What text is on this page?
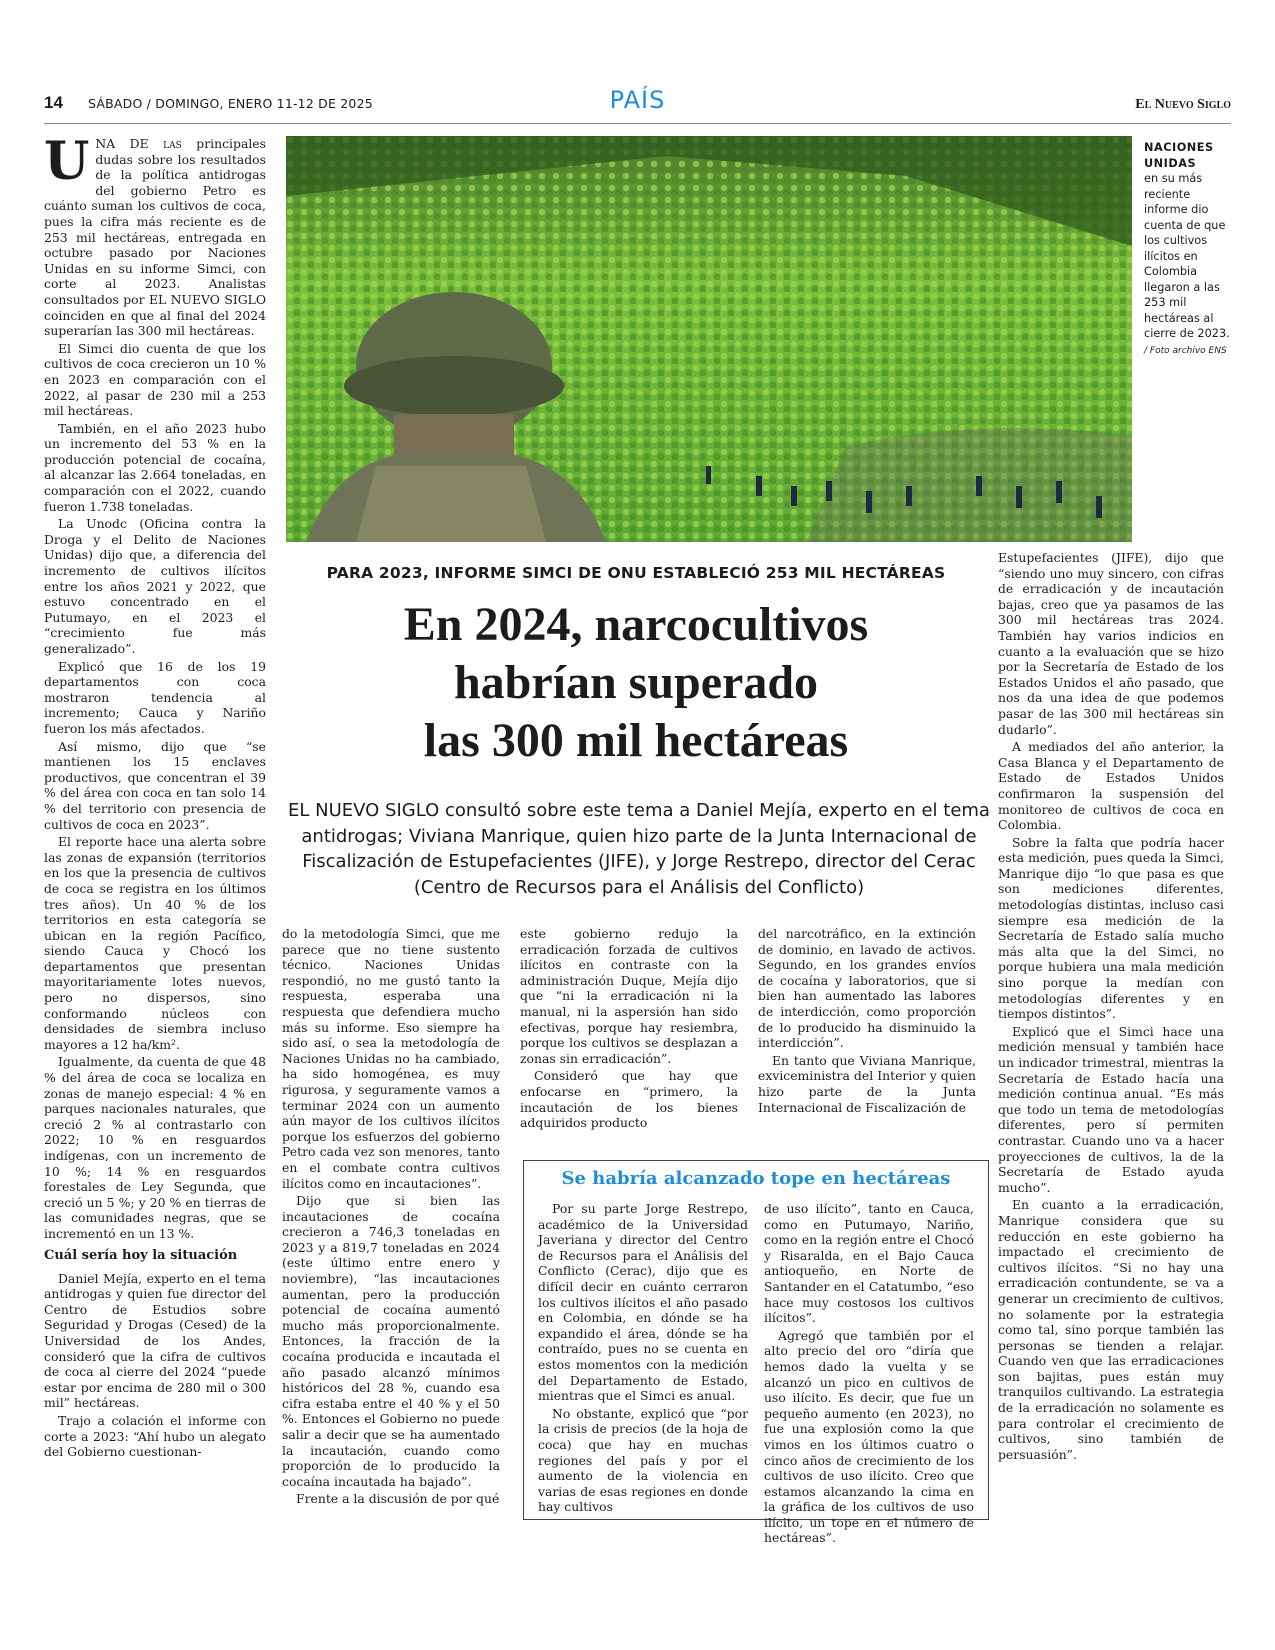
14 SÁBADO / DOMINGO, ENERO 11-12 DE 2025	PAÍS	El Nuevo Siglo

UNA DE las principales dudas sobre los resultados de la política antidrogas del gobierno Petro es cuánto suman los cultivos de coca, pues la cifra más reciente es de 253 mil hectáreas, entregada en octubre pasado por Naciones Unidas en su informe Simci, con corte al 2023. Analistas consultados por EL NUEVO SIGLO coinciden en que al final del 2024 superarían las 300 mil hectáreas.

El Simci dio cuenta de que los cultivos de coca crecieron un 10 % en 2023 en comparación con el 2022, al pasar de 230 mil a 253 mil hectáreas.

También, en el año 2023 hubo un incremento del 53 % en la producción potencial de cocaína, al alcanzar las 2.664 toneladas, en comparación con el 2022, cuando fueron 1.738 toneladas.

La Unodc (Oficina contra la Droga y el Delito de Naciones Unidas) dijo que, a diferencia del incremento de cultivos ilícitos entre los años 2021 y 2022, que estuvo concentrado en el Putumayo, en el 2023 el “crecimiento fue más generalizado”.

Explicó que 16 de los 19 departamentos con coca mostraron tendencia al incremento; Cauca y Nariño fueron los más afectados.

Así mismo, dijo que “se mantienen los 15 enclaves productivos, que concentran el 39 % del área con coca en tan solo 14 % del territorio con presencia de cultivos de coca en 2023”.

El reporte hace una alerta sobre las zonas de expansión (territorios en los que la presencia de cultivos de coca se registra en los últimos tres años). Un 40 % de los territorios en esta categoría se ubican en la región Pacífico, siendo Cauca y Chocó los departamentos que presentan mayoritariamente lotes nuevos, pero no dispersos, sino conformando núcleos con densidades de siembra incluso mayores a 12 ha/km².

Igualmente, da cuenta de que 48 % del área de coca se localiza en zonas de manejo especial: 4 % en parques nacionales naturales, que creció 2 % al contrastarlo con 2022; 10 % en resguardos indígenas, con un incremento de 10 %; 14 % en resguardos forestales de Ley Segunda, que creció un 5 %; y 20 % en tierras de las comunidades negras, que se incrementó en un 13 %.

Cuál sería hoy la situación

Daniel Mejía, experto en el tema antidrogas y quien fue director del Centro de Estudios sobre Seguridad y Drogas (Cesed) de la Universidad de los Andes, consideró que la cifra de cultivos de coca al cierre del 2024 “puede estar por encima de 280 mil o 300 mil” hectáreas.

Trajo a colación el informe con corte a 2023: “Ahí hubo un alegato del Gobierno cuestionan-

NACIONES UNIDAS
en su más reciente informe dio cuenta de que los cultivos ilícitos en Colombia llegaron a las 253 mil hectáreas al cierre de 2023. / Foto archivo ENS
PARA 2023, INFORME SIMCI DE ONU ESTABLECIÓ 253 MIL HECTÁREAS
En 2024, narcocultivos
habrían superado
las 300 mil hectáreas
EL NUEVO SIGLO consultó sobre este tema a Daniel Mejía, experto en el tema antidrogas; Viviana Manrique, quien hizo parte de la Junta Internacional de Fiscalización de Estupefacientes (JIFE), y Jorge Restrepo, director del Cerac (Centro de Recursos para el Análisis del Conflicto)

do la metodología Simci, que me parece que no tiene sustento técnico. Naciones Unidas respondió, no me gustó tanto la respuesta, esperaba una respuesta que defendiera mucho más su informe. Eso siempre ha sido así, o sea la metodología de Naciones Unidas no ha cambiado, ha sido homogénea, es muy rigurosa, y seguramente vamos a terminar 2024 con un aumento aún mayor de los cultivos ilícitos porque los esfuerzos del gobierno Petro cada vez son menores, tanto en el combate contra cultivos ilícitos como en incautaciones”.

Dijo que si bien las incautaciones de cocaína crecieron a 746,3 toneladas en 2023 y a 819,7 toneladas en 2024 (este último entre enero y noviembre), “las incautaciones aumentan, pero la producción potencial de cocaína aumentó mucho más proporcionalmente. Entonces, la fracción de la cocaína producida e incautada el año pasado alcanzó mínimos históricos del 28 %, cuando esa cifra estaba entre el 40 % y el 50 %. Entonces el Gobierno no puede salir a decir que se ha aumentado la incautación, cuando como proporción de lo producido la cocaína incautada ha bajado”.

Frente a la discusión de por qué

este gobierno redujo la erradicación forzada de cultivos ilícitos en contraste con la administración Duque, Mejía dijo que “ni la erradicación ni la manual, ni la aspersión han sido efectivas, porque hay resiembra, porque los cultivos se desplazan a zonas sin erradicación”.

Consideró que hay que enfocarse en “primero, la incautación de los bienes adquiridos producto

del narcotráfico, en la extinción de dominio, en lavado de activos. Segundo, en los grandes envíos de cocaína y laboratorios, que si bien han aumentado las labores de interdicción, como proporción de lo producido ha disminuido la interdicción”.

En tanto que Viviana Manrique, exviceministra del Interior y quien hizo parte de la Junta Internacional de Fiscalización de

Se habría alcanzado tope en hectáreas

Por su parte Jorge Restrepo, académico de la Universidad Javeriana y director del Centro de Recursos para el Análisis del Conflicto (Cerac), dijo que es difícil decir en cuánto cerraron los cultivos ilícitos el año pasado en Colombia, en dónde se ha expandido el área, dónde se ha contraído, pues no se cuenta en estos momentos con la medición del Departamento de Estado, mientras que el Simci es anual.

No obstante, explicó que “por la crisis de precios (de la hoja de coca) que hay en muchas regiones del país y por el aumento de la violencia en varias de esas regiones en donde hay cultivos

de uso ilícito”, tanto en Cauca, como en Putumayo, Nariño, como en la región entre el Chocó y Risaralda, en el Bajo Cauca antioqueño, en Norte de Santander en el Catatumbo, “eso hace muy costosos los cultivos ilícitos”.

Agregó que también por el alto precio del oro “diría que hemos dado la vuelta y se alcanzó un pico en cultivos de uso ilícito. Es decir, que fue un pequeño aumento (en 2023), no fue una explosión como la que vimos en los últimos cuatro o cinco años de crecimiento de los cultivos de uso ilícito. Creo que estamos alcanzando la cima en la gráfica de los cultivos de uso ilícito, un tope en el número de hectáreas”.

Estupefacientes (JIFE), dijo que “siendo uno muy sincero, con cifras de erradicación y de incautación bajas, creo que ya pasamos de las 300 mil hectáreas tras 2024. También hay varios indicios en cuanto a la evaluación que se hizo por la Secretaría de Estado de los Estados Unidos el año pasado, que nos da una idea de que podemos pasar de las 300 mil hectáreas sin dudarlo”.

A mediados del año anterior, la Casa Blanca y el Departamento de Estado de Estados Unidos confirmaron la suspensión del monitoreo de cultivos de coca en Colombia.

Sobre la falta que podría hacer esta medición, pues queda la Simci, Manrique dijo “lo que pasa es que son mediciones diferentes, metodologías distintas, incluso casi siempre esa medición de la Secretaría de Estado salía mucho más alta que la del Simci, no porque hubiera una mala medición sino porque la medían con metodologías diferentes y en tiempos distintos”.

Explicó que el Simci hace una medición mensual y también hace un indicador trimestral, mientras la Secretaría de Estado hacía una medición continua anual. “Es más que todo un tema de metodologías diferentes, pero sí permiten contrastar. Cuando uno va a hacer proyecciones de cultivos, la de la Secretaría de Estado ayuda mucho”.

En cuanto a la erradicación, Manrique considera que su reducción en este gobierno ha impactado el crecimiento de cultivos ilícitos. “Si no hay una erradicación contundente, se va a generar un crecimiento de cultivos, no solamente por la estrategia como tal, sino porque también las personas se tienden a relajar. Cuando ven que las erradicaciones son bajitas, pues están muy tranquilos cultivando. La estrategia de la erradicación no solamente es para controlar el crecimiento de cultivos, sino también de persuasión”.
